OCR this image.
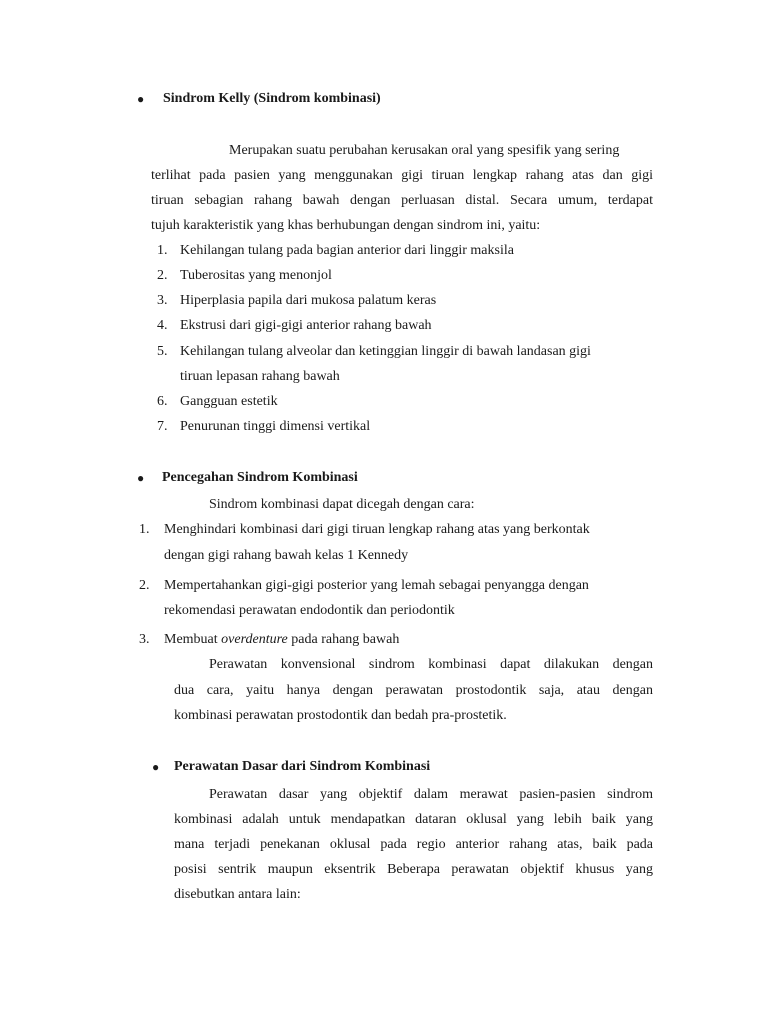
● Sindrom Kelly (Sindrom kombinasi)
Merupakan suatu perubahan kerusakan oral yang spesifik yang sering
terlihat pada pasien yang menggunakan gigi tiruan lengkap rahang atas dan gigi
tiruan sebagian rahang bawah dengan perluasan distal. Secara umum, terdapat
tujuh karakteristik yang khas berhubungan dengan sindrom ini, yaitu:
1. Kehilangan tulang pada bagian anterior dari linggir maksila
2. Tuberositas yang menonjol
3. Hiperplasia papila dari mukosa palatum keras
4. Ekstrusi dari gigi-gigi anterior rahang bawah
5. Kehilangan tulang alveolar dan ketinggian linggir di bawah landasan gigi
tiruan lepasan rahang bawah
6. Gangguan estetik
7. Penurunan tinggi dimensi vertikal
● Pencegahan Sindrom Kombinasi
Sindrom kombinasi dapat dicegah dengan cara:
1. Menghindari kombinasi dari gigi tiruan lengkap rahang atas yang berkontak
dengan gigi rahang bawah kelas 1 Kennedy
2. Mempertahankan gigi-gigi posterior yang lemah sebagai penyangga dengan
rekomendasi perawatan endodontik dan periodontik
3. Membuat overdenture pada rahang bawah
Perawatan konvensional sindrom kombinasi dapat dilakukan dengan
dua cara, yaitu hanya dengan perawatan prostodontik saja, atau dengan
kombinasi perawatan prostodontik dan bedah pra-prostetik.
● Perawatan Dasar dari Sindrom Kombinasi
Perawatan dasar yang objektif dalam merawat pasien-pasien sindrom
kombinasi adalah untuk mendapatkan dataran oklusal yang lebih baik yang
mana terjadi penekanan oklusal pada regio anterior rahang atas, baik pada
posisi sentrik maupun eksentrik Beberapa perawatan objektif khusus yang
disebutkan antara lain:
